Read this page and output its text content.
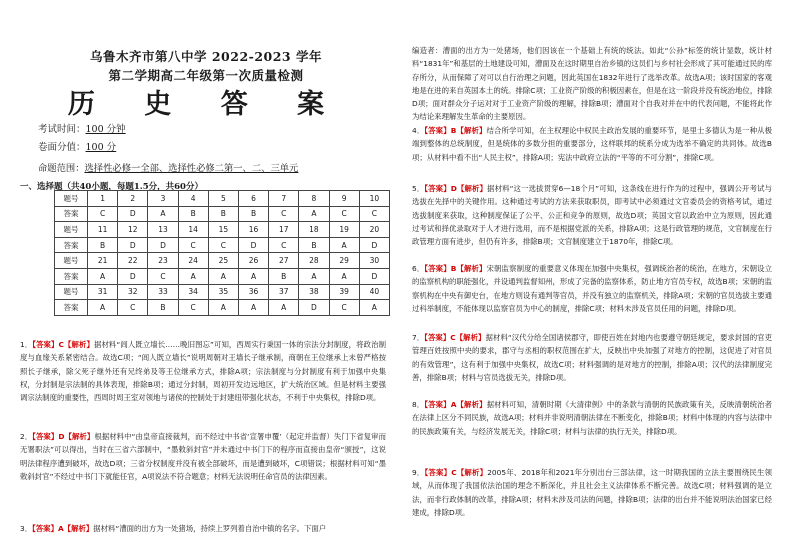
乌鲁木齐市第八中学 2022-2023 学年
第二学期高二年级第一次质量检测
历 史 答 案
考试时间：100 分钟
卷面分值：100 分
命题范围：选择性必修一全部、选择性必修二第一、二、三单元
一、选择题（共40小题，每题1.5分，共60分）
题号	1	2	3	4	5	6	7	8	9	10
答案	C	D	A	B	B	B	C	A	C	C
题号	11	12	13	14	15	16	17	18	19	20
答案	B	D	D	C	C	D	C	B	A	D
题号	21	22	23	24	25	26	27	28	29	30
答案	A	D	C	A	A	A	B	A	A	D
题号	31	32	33	34	35	36	37	38	39	40
答案	A	C	B	C	A	A	A	D	C	A
1．【答案】C【解析】据材料“闾人既立墙长……晚旧图忘”可知，西周实行秉国一体的宗法分封制度，将政治制度与血缘关系紧密结合。故选C项；“闾人既立墙长”说明周朝对王墙长子继承制，商朝在王位继承上未曾严格按照长子继承，除父死子继外还有兄终弟及等王位继承方式，排除A项；宗法制度与分封制度有利于加强中央集权，分封制是宗法制的具体表现，排除B项；通过分封制，周初开发边远地区，扩大统治区域。但是材料主要强调宗法制度的重要性，西周时周王室对领地与诸侯的控制处于封建纽带强化状态，不利于中央集权，排除D项。
2．【答案】D【解析】根据材料中“由皇帝直接裁判，而不经过中书省‘宣署申覆’（起定并监督）失门下省复审而无署职法”可以得出，当时在三省六部制中，“墨敕斜封官”并未通过中书门下的程序而直接由皇帝“颁授”，这说明法律程序遭到破坏，故选D项；三省分权制度并没有被全部破坏，而是遭到破坏，C项错误；根据材料可知“墨敕斜封官”不经过中书门下就能任官，A项说法不符合题意；材料无法说明任命官员的法律因素。
3．【答案】A【解析】据材料“漕面的出方为一处猪场，持续上罗列着自治中镇的名字。下面户
编造者：漕面的出方为一处猪场，他们因该在一个基础上有统的统法。如此“公孙”标签的统计显数，统计材料“1831年”和基层的土地建设可知，漕面及在这时期里自治乡镇的这员们与乡村社会形成了其可能通过民的库存所分，从而保障了对可以自行治理之问题，因此英国在1832年进行了选举改革。故选A项；该时国家的客观地是在进的来自英国本土的统。排除C项；工业资产阶级的积极因素在，但是在这一阶段并没有统治地位，排除D项；面对群众分子运对对于工业资产阶级的理解，排除B项；漕面对个自我对并在中的代表问题，不能将此作为结论来理解发生革命的主要原因。
4．【答案】B【解析】结合所学可知，在主权理论中权民主政治发展的重要环节，是里士多德认为是一种从极端到整体的总统制度，但是统体的多数分担的重要部分，这样联邦的统系分成为选举不确定的共同体。故选B项；从材料中看不出“人民主权”，排除A项；宪法中政府立法的“平等的不可分割”，排除C项。
5．【答案】D【解析】据材料“这一选拔贯穿6—18个月”可知，这条线在进行作为的过程中，强调公开考试与选拔在先择中的关键作用。这种通过考试的方法来获取职员，即考试中必须通过文官委员会的资格考试，通过选拔制度来获取，这种制度保证了公平、公正和竞争的原则，故选D项；英国文官以政治中立为原则，因此通过考试和择优录取对于人才进行选用，而不是根据党派的关系，排除A项；这是行政管理的规范，文官制度在行政管理方面有进步，但仍有许多，排除B项；文官制度建立于1870年，排除C项。
6．【答案】B【解析】宋朝监察制度的重要意义体现在加强中央集权，强调统治者的统治，在地方，宋朝设立的监察机构的职能强化，并设通判监督知州，形成了完备的监察体系，防止地方官员专权，故选B项；宋朝的监察机构在中央有御史台，在地方则设有通判等官员，并没有独立的监察机关，排除A项；宋朝的官员选拔主要通过科举制度，不能体现以监察官员为中心的制度，排除C项；材料未涉及官员任用的问题，排除D项。
7．【答案】C【解析】据材料“汉代分给全国诸侯郡守，即使百姓在封地内也要遵守朝廷规定，要求封国的官吏管理百姓按照中央的要求，郡守与丞相的职权范围在扩大，反映出中央加强了对地方的控制，这促进了对官员的有效管理”，这有利于加强中央集权，故选C项；材料强调的是对地方的控制，排除A项；汉代的法律制度完善，排除B项；材料与官员选拔无关，排除D项。
8．【答案】A【解析】据材料可知，清朝时期《大清律例》中的条款与清朝的民族政策有关，反映清朝统治者在法律上区分不同民族，故选A项；材料并非说明清朝法律在不断变化，排除B项；材料中体现的内容与法律中的民族政策有关，与经济发展无关，排除C项；材料与法律的执行无关，排除D项。
9．【答案】C【解析】2005年、2018年和2021年分别出台三部法律，这一时期我国的立法主要围绕民生领域，从而体现了我国依法治国的理念不断深化，并且社会主义法律体系不断完善。故选C项；材料强调的是立法，而非行政体制的改革，排除A项；材料未涉及司法的问题，排除B项；法律的出台并不能说明法治国家已经建成，排除D项。
